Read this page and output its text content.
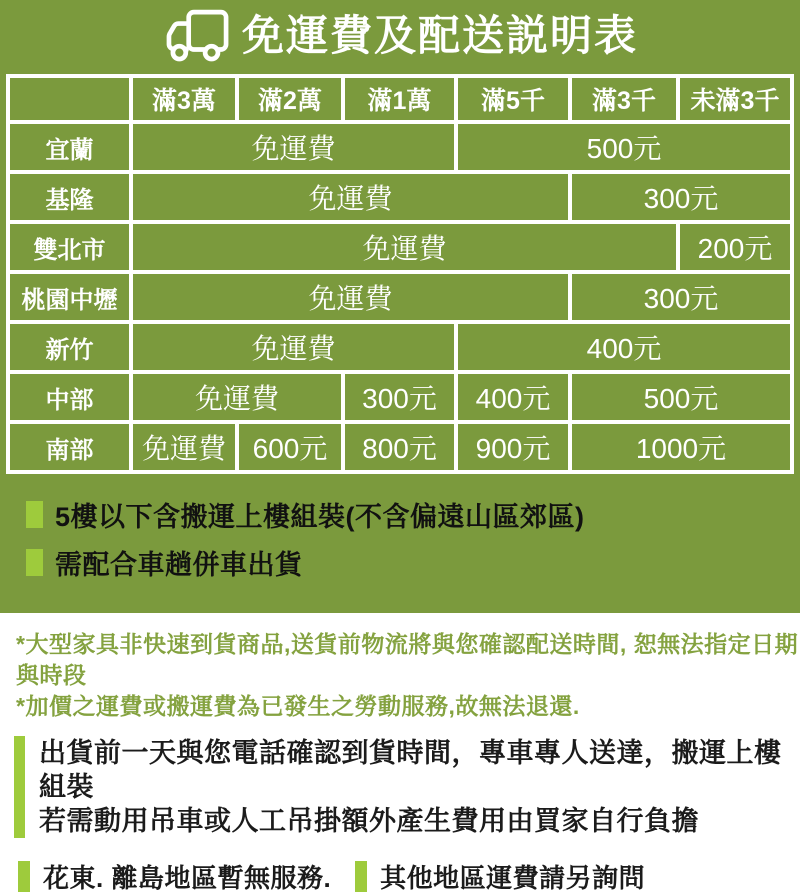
免運費及配送説明表
	滿3萬	滿2萬	滿1萬	滿5千	滿3千	未滿3千
宜蘭	免運費			500元		
基隆	免運費				300元	
雙北市	免運費					200元
桃園中壢	免運費				300元	
新竹	免運費			400元		
中部	免運費		300元	400元	500元	
南部	免運費	600元	800元	900元	1000元	
5樓以下含搬運上樓組裝(不含偏遠山區郊區)
需配合車趟併車出貨
*大型家具非快速到貨商品,送貨前物流將與您確認配送時間, 恕無法指定日期與時段
*加價之運費或搬運費為已發生之勞動服務,故無法退還.
出貨前一天與您電話確認到貨時間，專車專人送達，搬運上樓組裝
若需動用吊車或人工吊掛額外產生費用由買家自行負擔
花東. 離島地區暫無服務. 其他地區運費請另詢問
